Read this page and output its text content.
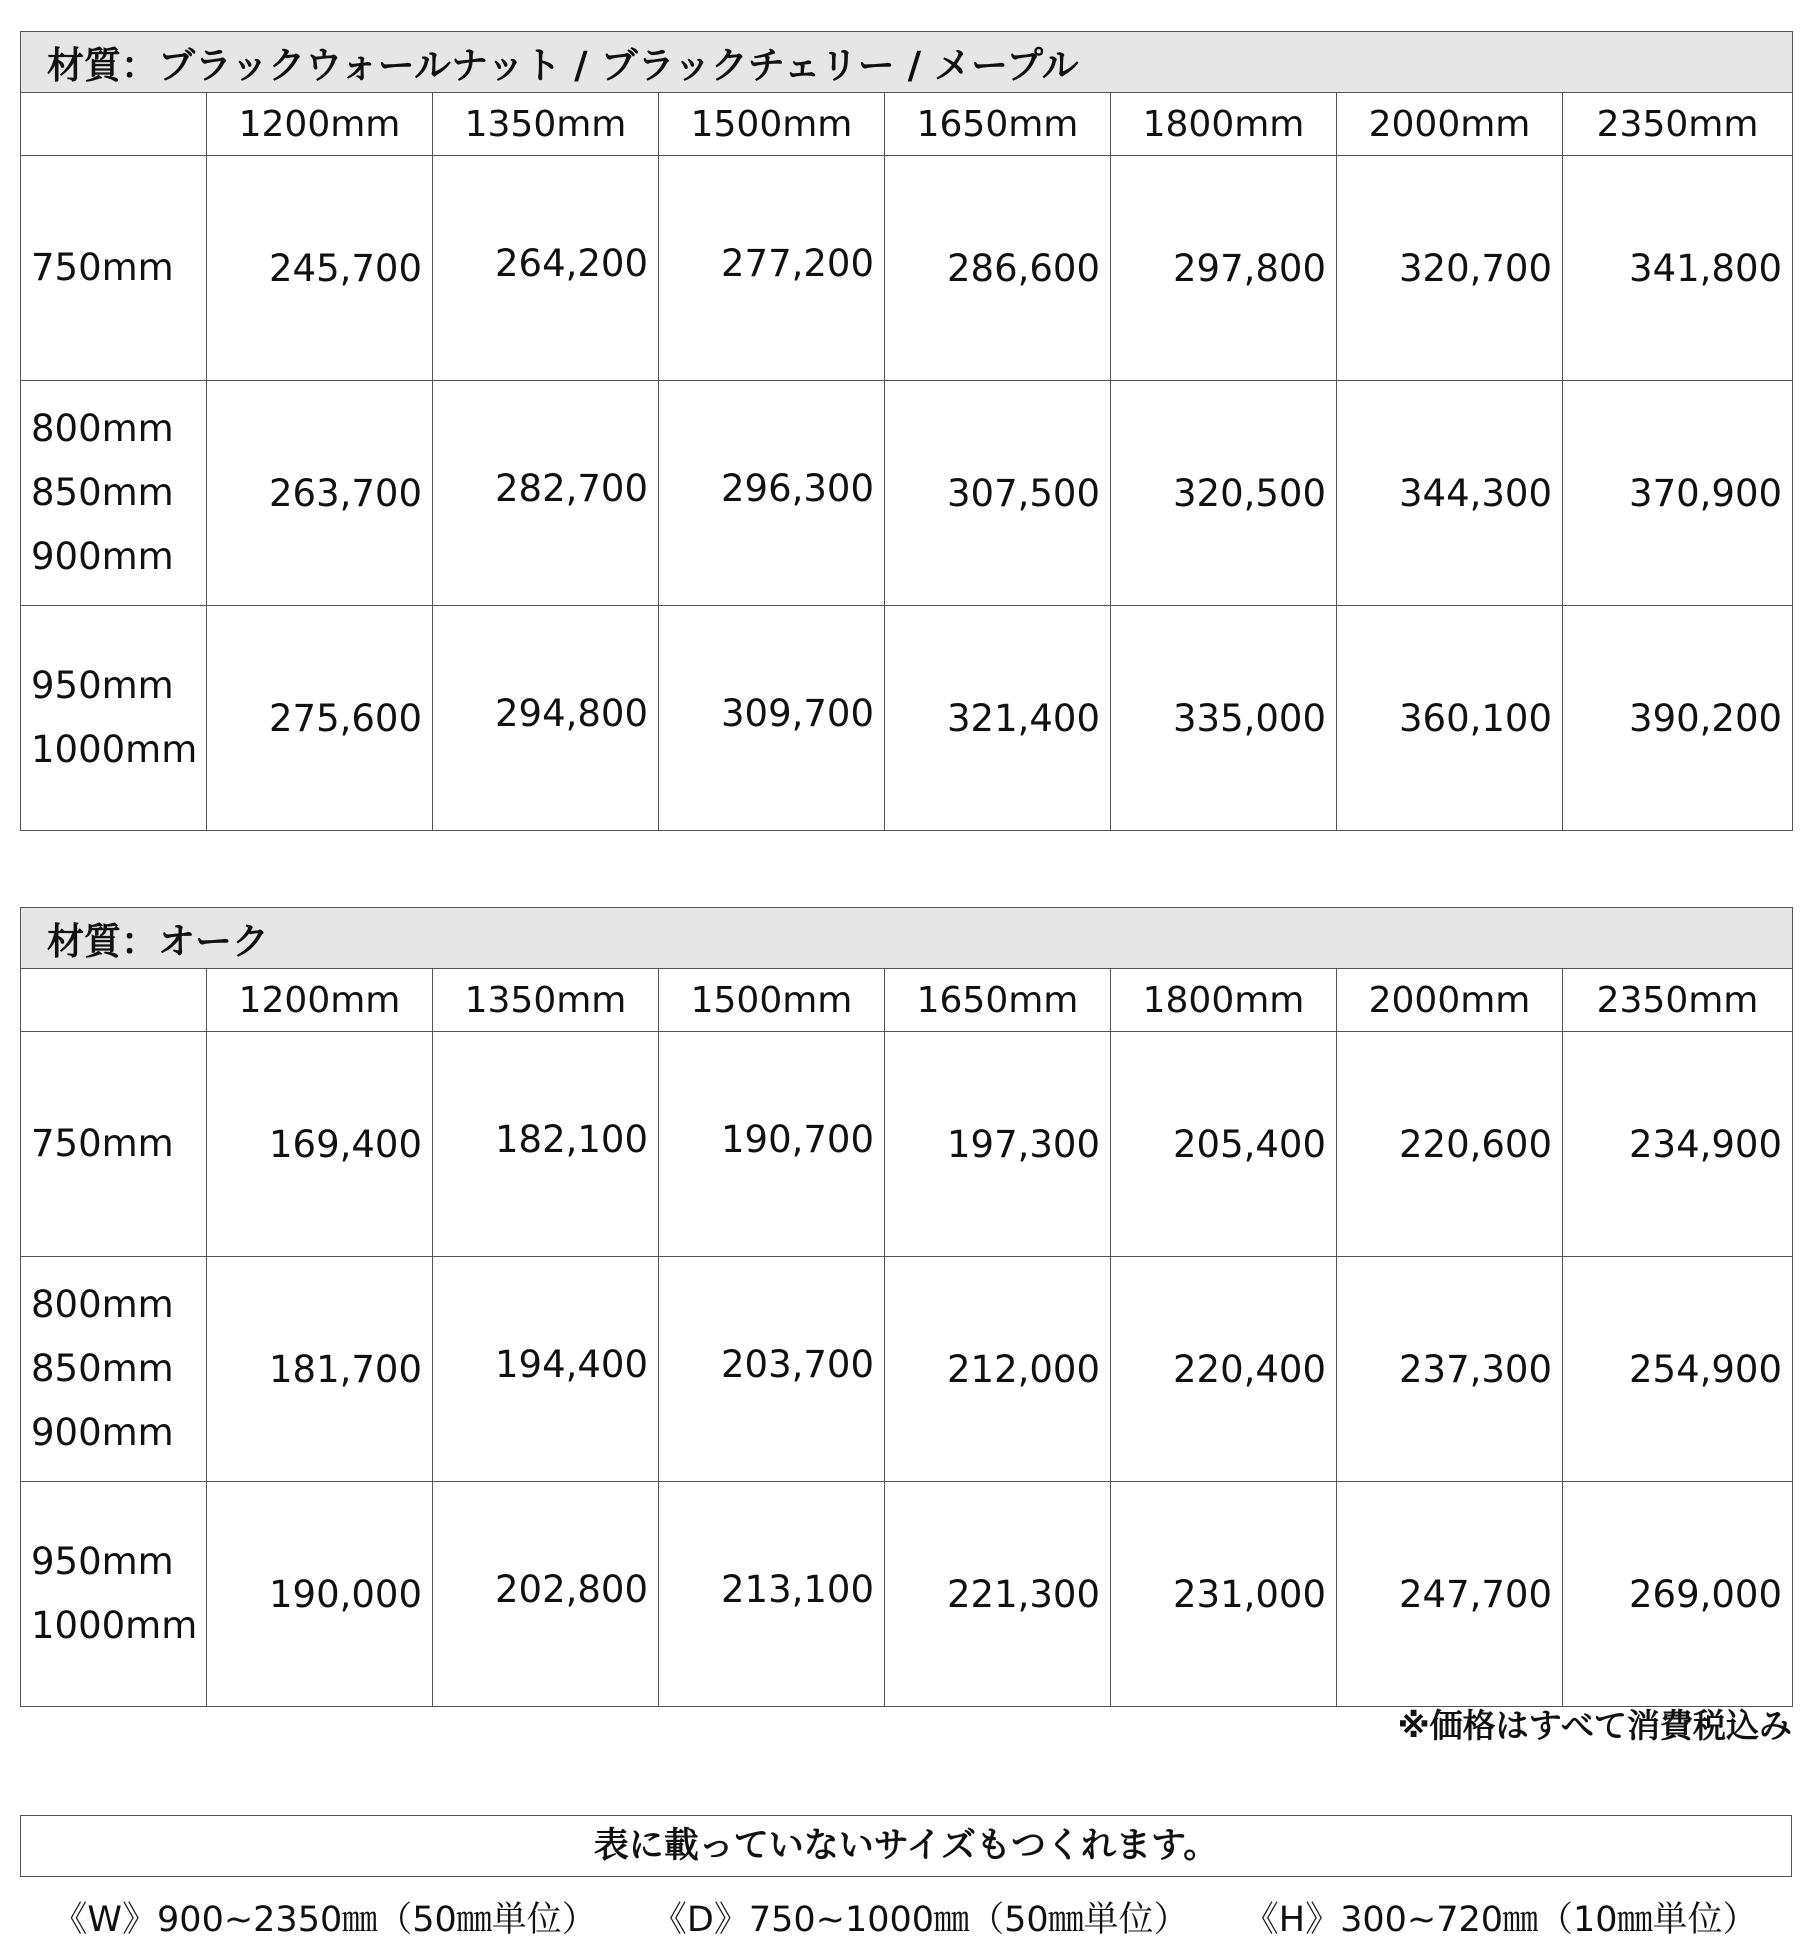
材質：ブラックウォールナット / ブラックチェリー / メープル							
	1200mm	1350mm	1500mm	1650mm	1800mm	2000mm	2350mm

750mm	245,700	264,200	277,200	286,600	297,800	320,700	341,800

800mm
850mm
900mm	263,700	282,700	296,300	307,500	320,500	344,300	370,900

950mm
1000mm	275,600	294,800	309,700	321,400	335,000	360,100	390,200
材質：オーク							
	1200mm	1350mm	1500mm	1650mm	1800mm	2000mm	2350mm

750mm	169,400	182,100	190,700	197,300	205,400	220,600	234,900

800mm
850mm
900mm	181,700	194,400	203,700	212,000	220,400	237,300	254,900

950mm
1000mm	190,000	202,800	213,100	221,300	231,000	247,700	269,000
※価格はすべて消費税込み
表に載っていないサイズもつくれます。
《W》900~2350㎜（50㎜単位） 《D》750~1000㎜（50㎜単位） 《H》300~720㎜（10㎜単位）
